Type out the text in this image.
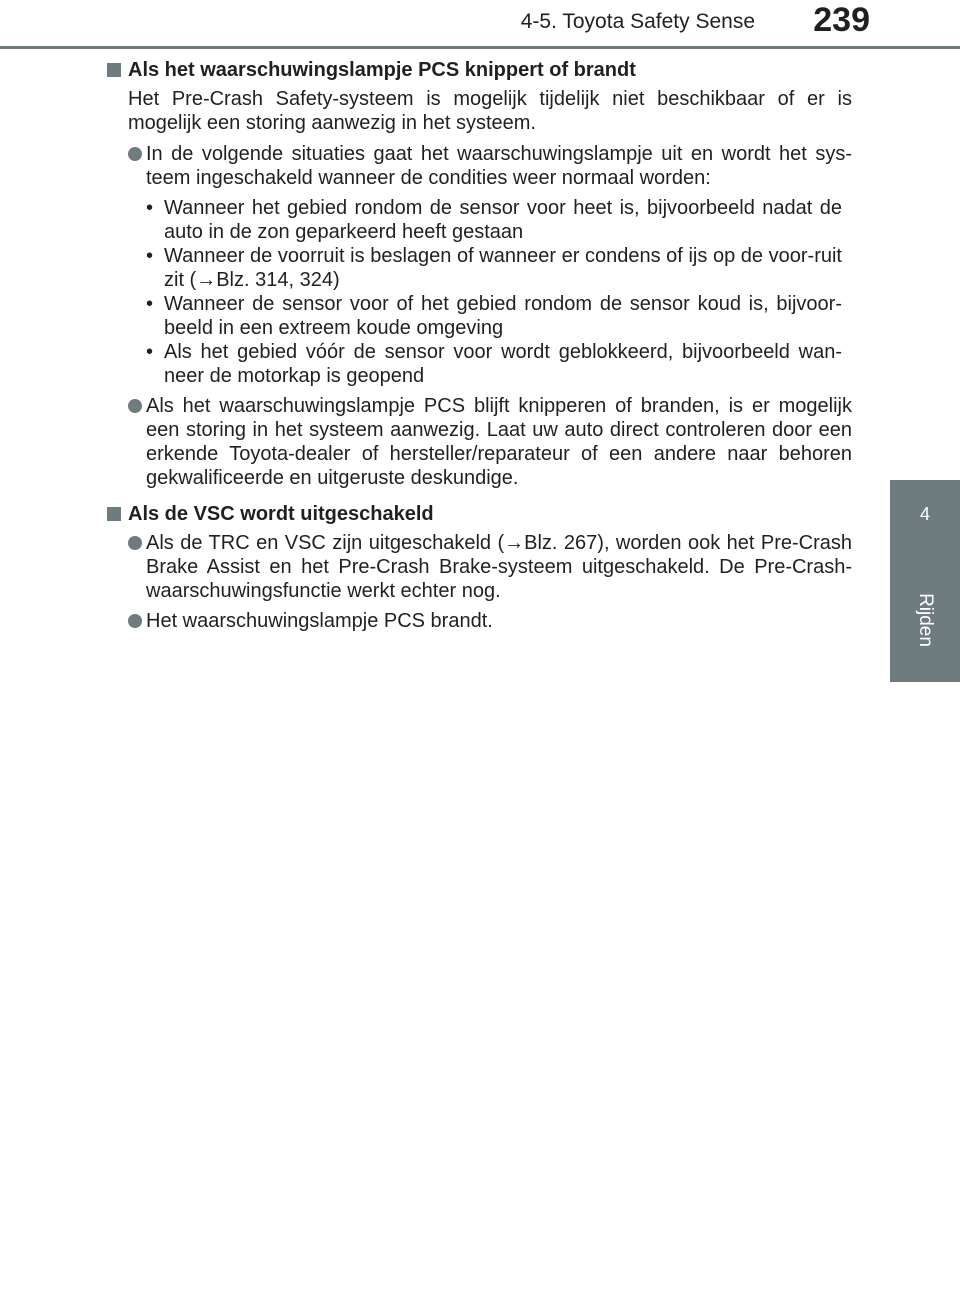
4-5. Toyota Safety Sense	239
4
Rijden
Als het waarschuwingslampje PCS knippert of brandt

Het Pre-Crash Safety-systeem is mogelijk tijdelijk niet beschikbaar of er is mogelijk een storing aanwezig in het systeem.

In de volgende situaties gaat het waarschuwingslampje uit en wordt het sys-teem ingeschakeld wanneer de condities weer normaal worden:
• Wanneer het gebied rondom de sensor voor heet is, bijvoorbeeld nadat de auto in de zon geparkeerd heeft gestaan
• Wanneer de voorruit is beslagen of wanneer er condens of ijs op de voor-ruit zit (→Blz. 314, 324)
• Wanneer de sensor voor of het gebied rondom de sensor koud is, bijvoor-beeld in een extreem koude omgeving
• Als het gebied vóór de sensor voor wordt geblokkeerd, bijvoorbeeld wan-neer de motorkap is geopend
Als het waarschuwingslampje PCS blijft knipperen of branden, is er mogelijk een storing in het systeem aanwezig. Laat uw auto direct controleren door een erkende Toyota-dealer of hersteller/reparateur of een andere naar behoren gekwalificeerde en uitgeruste deskundige.
Als de VSC wordt uitgeschakeld
Als de TRC en VSC zijn uitgeschakeld (→Blz. 267), worden ook het Pre-Crash Brake Assist en het Pre-Crash Brake-systeem uitgeschakeld. De Pre-Crash-waarschuwingsfunctie werkt echter nog.
Het waarschuwingslampje PCS brandt.
